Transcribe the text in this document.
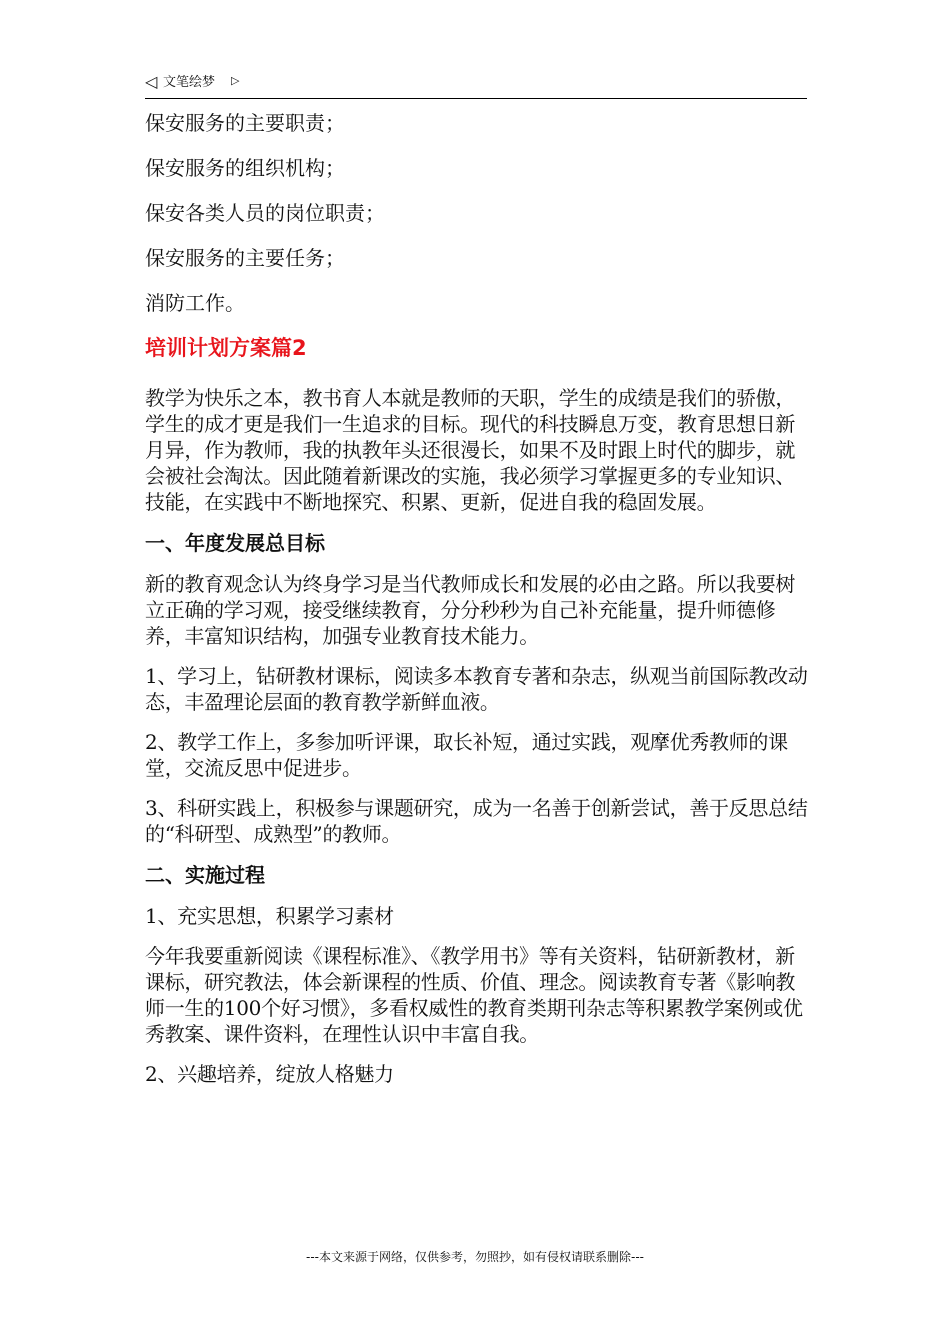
◁ 文笔绘梦 ▷
保安服务的主要职责；
保安服务的组织机构；
保安各类人员的岗位职责；
保安服务的主要任务；
消防工作。
培训计划方案篇2
教学为快乐之本，教书育人本就是教师的天职，学生的成绩是我们的骄傲，学生的成才更是我们一生追求的目标。现代的科技瞬息万变，教育思想日新月异，作为教师，我的执教年头还很漫长，如果不及时跟上时代的脚步，就会被社会淘汰。因此随着新课改的实施，我必须学习掌握更多的专业知识、技能，在实践中不断地探究、积累、更新，促进自我的稳固发展。
一、年度发展总目标
新的教育观念认为终身学习是当代教师成长和发展的必由之路。所以我要树立正确的学习观，接受继续教育，分分秒秒为自己补充能量，提升师德修养，丰富知识结构，加强专业教育技术能力。
1、学习上，钻研教材课标，阅读多本教育专著和杂志，纵观当前国际教改动态，丰盈理论层面的教育教学新鲜血液。
2、教学工作上，多参加听评课，取长补短，通过实践，观摩优秀教师的课堂，交流反思中促进步。
3、科研实践上，积极参与课题研究，成为一名善于创新尝试，善于反思总结的“科研型、成熟型”的教师。
二、实施过程
1、充实思想，积累学习素材
今年我要重新阅读《课程标准》、《教学用书》等有关资料，钻研新教材，新课标，研究教法，体会新课程的性质、价值、理念。阅读教育专著《影响教师一生的100个好习惯》，多看权威性的教育类期刊杂志等积累教学案例或优秀教案、课件资料，在理性认识中丰富自我。
2、兴趣培养，绽放人格魅力
---本文来源于网络，仅供参考，勿照抄，如有侵权请联系删除---
